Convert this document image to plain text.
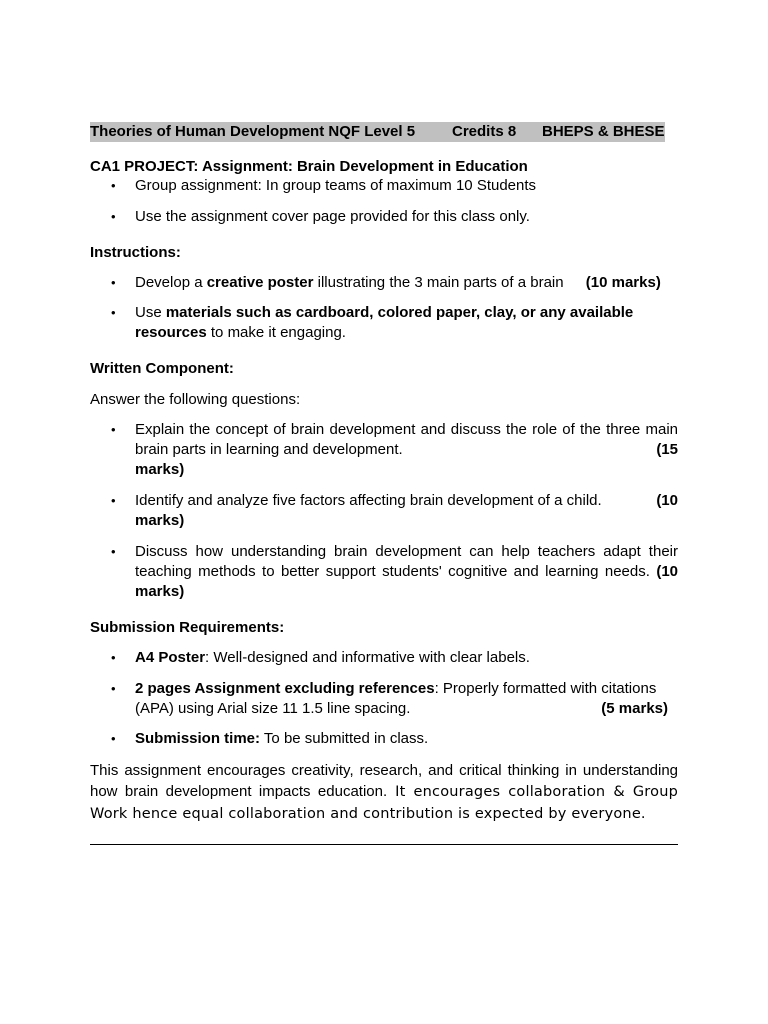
Theories of Human Development NQF Level 5 Credits 8 BHEPS & BHESE

CA1 PROJECT: Assignment: Brain Development in Education

• Group assignment: In group teams of maximum 10 Students
• Use the assignment cover page provided for this class only.

Instructions:

• Develop a creative poster illustrating the 3 main parts of a brain (10 marks)
• Use materials such as cardboard, colored paper, clay, or any available resources to make it engaging.

Written Component:

Answer the following questions:

• Explain the concept of brain development and discuss the role of the three main brain parts in learning and development.	(15

marks)
• Identify and analyze five factors affecting brain development of a child.	(10

marks)
• Discuss how understanding brain development can help teachers adapt their teaching methods to better support students' cognitive and learning needs. (10 marks)

Submission Requirements:

• A4 Poster: Well-designed and informative with clear labels.
• 2 pages Assignment excluding references: Properly formatted with citations (APA) using Arial size 11 1.5 line spacing.	(5 marks)
• Submission time: To be submitted in class.

This assignment encourages creativity, research, and critical thinking in understanding how brain development impacts education. It encourages collaboration & Group Work hence equal collaboration and contribution is expected by everyone.
